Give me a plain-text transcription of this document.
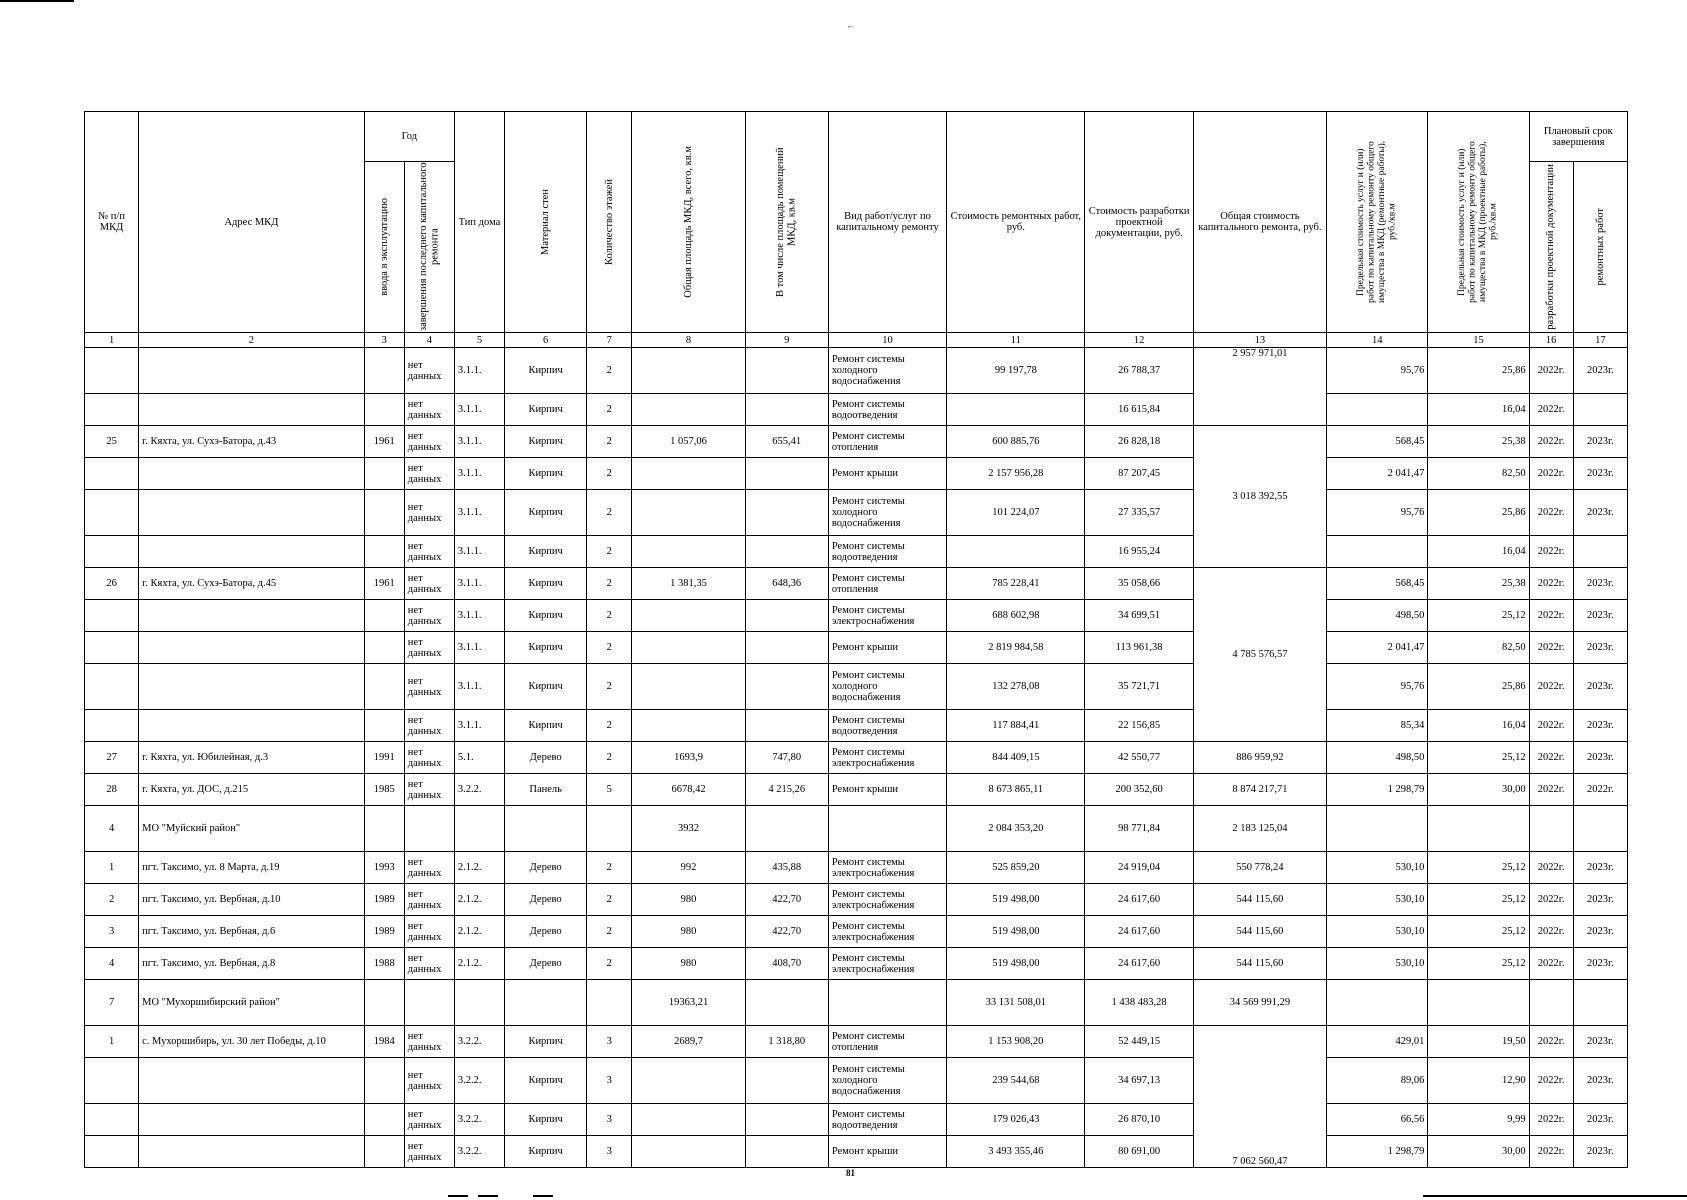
⌐
№ п/п МКД	Адрес МКД	Год		Тип дома	Материал стен	Количество этажей	Общая площадь МКД, всего, кв.м	В том числе площадь помещений МКД, кв.м	Вид работ/услуг по капитальному ремонту	Стоимость ремонтных работ, руб.	Стоимость разработки проектной документации, руб.	Общая стоимость капитального ремонта, руб.	Предельная стоимость услуг и (или) работ по капитальному ремонту общего имущества в МКД (ремонтные работы), руб./кв.м	Предельная стоимость услуг и (или) работ по капитальному ремонту общего имущества в МКД (проектные работы), руб./кв.м	Плановый срок завершения	

		ввода в эксплуатацию	завершения последнего капитального ремонта												разработки проектной документации	ремонтных работ

1	2	3	4	5	6	7	8	9	10	11	12	13	14	15	16	17
			нет данных	3.1.1.	Кирпич	2			Ремонт системы холодного водоснабжения	99 197,78	26 788,37	2 957 971,01	95,76	25,86	2022г.	2023г.
			нет данных	3.1.1.	Кирпич	2			Ремонт системы водоотведения		16 615,84			16,04	2022г.	
25	г. Кяхта, ул. Сухэ-Батора, д.43	1961	нет данных	3.1.1.	Кирпич	2	1 057,06	655,41	Ремонт системы отопления	600 885,76	26 828,18	3 018 392,55	568,45	25,38	2022г.	2023г.
			нет данных	3.1.1.	Кирпич	2			Ремонт крыши	2 157 956,28	87 207,45		2 041,47	82,50	2022г.	2023г.
			нет данных	3.1.1.	Кирпич	2			Ремонт системы холодного водоснабжения	101 224,07	27 335,57		95,76	25,86	2022г.	2023г.
			нет данных	3.1.1.	Кирпич	2			Ремонт системы водоотведения		16 955,24			16,04	2022г.	
26	г. Кяхта, ул. Сухэ-Батора, д.45	1961	нет данных	3.1.1.	Кирпич	2	1 381,35	648,36	Ремонт системы отопления	785 228,41	35 058,66	4 785 576,57	568,45	25,38	2022г.	2023г.
			нет данных	3.1.1.	Кирпич	2			Ремонт системы электроснабжения	688 602,98	34 699,51		498,50	25,12	2022г.	2023г.
			нет данных	3.1.1.	Кирпич	2			Ремонт крыши	2 819 984,58	113 961,38		2 041,47	82,50	2022г.	2023г.
			нет данных	3.1.1.	Кирпич	2			Ремонт системы холодного водоснабжения	132 278,08	35 721,71		95,76	25,86	2022г.	2023г.
			нет данных	3.1.1.	Кирпич	2			Ремонт системы водоотведения	117 884,41	22 156,85		85,34	16,04	2022г.	2023г.
27	г. Кяхта, ул. Юбилейная, д.3	1991	нет данных	5.1.	Дерево	2	1693,9	747,80	Ремонт системы электроснабжения	844 409,15	42 550,77	886 959,92	498,50	25,12	2022г.	2023г.
28	г. Кяхта, ул. ДОС, д.215	1985	нет данных	3.2.2.	Панель	5	6678,42	4 215,26	Ремонт крыши	8 673 865,11	200 352,60	8 874 217,71	1 298,79	30,00	2022г.	2022г.
4	МО "Муйский район"						3932			2 084 353,20	98 771,84	2 183 125,04				
1	пгт. Таксимо, ул. 8 Марта, д.19	1993	нет данных	2.1.2.	Дерево	2	992	435,88	Ремонт системы электроснабжения	525 859,20	24 919,04	550 778,24	530,10	25,12	2022г.	2023г.
2	пгт. Таксимо, ул. Вербная, д.10	1989	нет данных	2.1.2.	Дерево	2	980	422,70	Ремонт системы электроснабжения	519 498,00	24 617,60	544 115,60	530,10	25,12	2022г.	2023г.
3	пгт. Таксимо, ул. Вербная, д.6	1989	нет данных	2.1.2.	Дерево	2	980	422,70	Ремонт системы электроснабжения	519 498,00	24 617,60	544 115,60	530,10	25,12	2022г.	2023г.
4	пгт. Таксимо, ул. Вербная, д.8	1988	нет данных	2.1.2.	Дерево	2	980	408,70	Ремонт системы электроснабжения	519 498,00	24 617,60	544 115,60	530,10	25,12	2022г.	2023г.
7	МО "Мухоршибирский район"						19363,21			33 131 508,01	1 438 483,28	34 569 991,29				
1	с. Мухоршибирь, ул. 30 лет Победы, д.10	1984	нет данных	3.2.2.	Кирпич	3	2689,7	1 318,80	Ремонт системы отопления	1 153 908,20	52 449,15	7 062 560,47	429,01	19,50	2022г.	2023г.
			нет данных	3.2.2.	Кирпич	3			Ремонт системы холодного водоснабжения	239 544,68	34 697,13		89,06	12,90	2022г.	2023г.
			нет данных	3.2.2.	Кирпич	3			Ремонт системы водоотведения	179 026,43	26 870,10		66,56	9,99	2022г.	2023г.
			нет данных	3.2.2.	Кирпич	3			Ремонт крыши	3 493 355,46	80 691,00		1 298,79	30,00	2022г.	2023г.
81
